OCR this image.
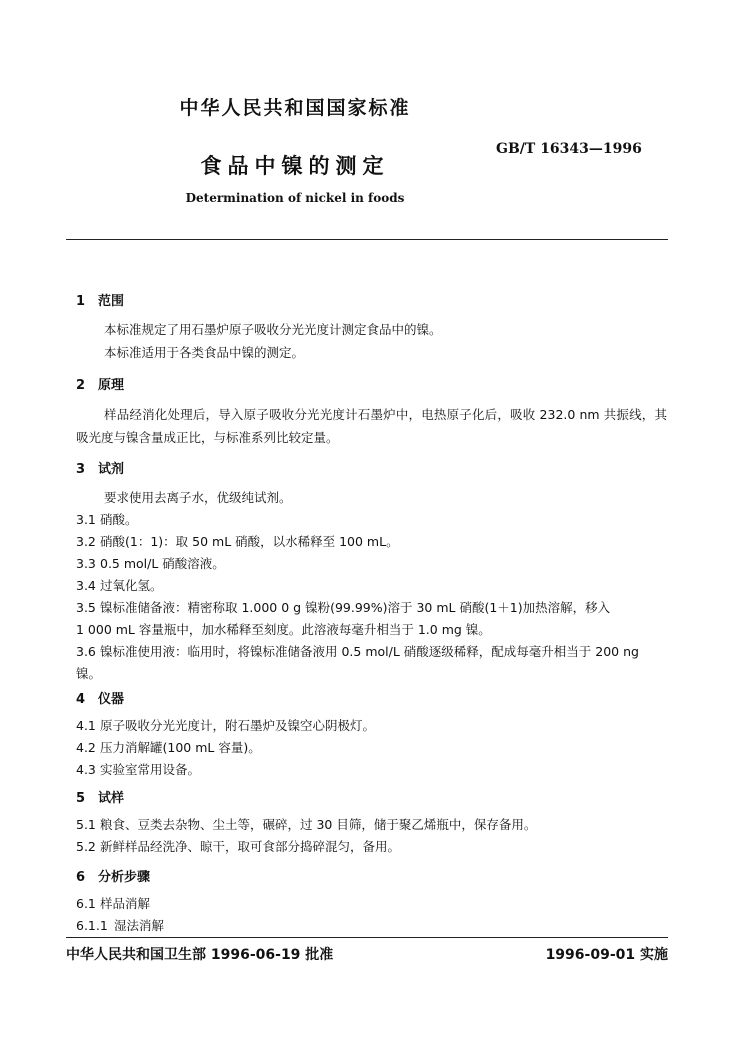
中华人民共和国国家标准
GB/T 16343—1996
食品中镍的测定
Determination of nickel in foods
1 范围
本标准规定了用石墨炉原子吸收分光光度计测定食品中的镍。
本标准适用于各类食品中镍的测定。
2 原理
样品经消化处理后，导入原子吸收分光光度计石墨炉中，电热原子化后，吸收 232.0 nm 共振线，其
吸光度与镍含量成正比，与标准系列比较定量。
3 试剂
要求使用去离子水，优级纯试剂。
3.1 硝酸。
3.2 硝酸(1：1)：取 50 mL 硝酸，以水稀释至 100 mL。
3.3 0.5 mol/L 硝酸溶液。
3.4 过氧化氢。
3.5 镍标准储备液：精密称取 1.000 0 g 镍粉(99.99%)溶于 30 mL 硝酸(1＋1)加热溶解，移入
1 000 mL 容量瓶中，加水稀释至刻度。此溶液每毫升相当于 1.0 mg 镍。
3.6 镍标准使用液：临用时，将镍标准储备液用 0.5 mol/L 硝酸逐级稀释，配成每毫升相当于 200 ng
镍。
4 仪器
4.1 原子吸收分光光度计，附石墨炉及镍空心阴极灯。
4.2 压力消解罐(100 mL 容量)。
4.3 实验室常用设备。
5 试样
5.1 粮食、豆类去杂物、尘土等，碾碎，过 30 目筛，储于聚乙烯瓶中，保存备用。
5.2 新鲜样品经洗净、晾干，取可食部分捣碎混匀，备用。
6 分析步骤
6.1 样品消解
6.1.1 湿法消解
中华人民共和国卫生部 1996-06-19 批准	1996-09-01 实施
